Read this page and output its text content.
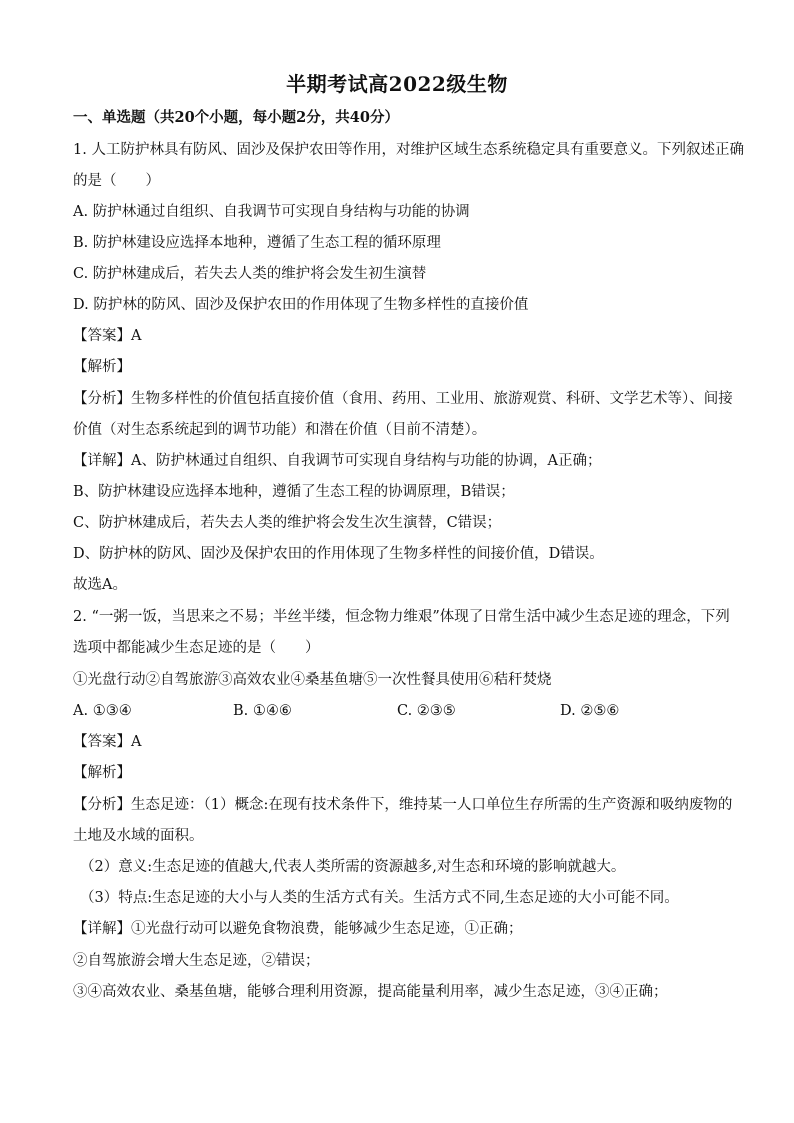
半期考试高2022级生物
一、单选题（共20个小题，每小题2分，共40分）
1. 人工防护林具有防风、固沙及保护农田等作用，对维护区域生态系统稳定具有重要意义。下列叙述正确
的是（　　）
A. 防护林通过自组织、自我调节可实现自身结构与功能的协调
B. 防护林建设应选择本地种，遵循了生态工程的循环原理
C. 防护林建成后，若失去人类的维护将会发生初生演替
D. 防护林的防风、固沙及保护农田的作用体现了生物多样性的直接价值
【答案】A
【解析】
【分析】生物多样性的价值包括直接价值（食用、药用、工业用、旅游观赏、科研、文学艺术等）、间接
价值（对生态系统起到的调节功能）和潜在价值（目前不清楚）。
【详解】A、防护林通过自组织、自我调节可实现自身结构与功能的协调，A正确；
B、防护林建设应选择本地种，遵循了生态工程的协调原理，B错误；
C、防护林建成后，若失去人类的维护将会发生次生演替，C错误；
D、防护林的防风、固沙及保护农田的作用体现了生物多样性的间接价值，D错误。
故选A。
2. “一粥一饭，当思来之不易；半丝半缕，恒念物力维艰”体现了日常生活中减少生态足迹的理念，下列
选项中都能减少生态足迹的是（　　）
①光盘行动②自驾旅游③高效农业④桑基鱼塘⑤一次性餐具使用⑥秸秆焚烧
A. ①③④	B. ①④⑥	C. ②③⑤	D. ②⑤⑥
【答案】A
【解析】
【分析】生态足迹：（1）概念:在现有技术条件下，维持某一人口单位生存所需的生产资源和吸纳废物的
土地及水域的面积。
（2）意义:生态足迹的值越大,代表人类所需的资源越多,对生态和环境的影响就越大。
（3）特点:生态足迹的大小与人类的生活方式有关。生活方式不同,生态足迹的大小可能不同。
【详解】①光盘行动可以避免食物浪费，能够减少生态足迹，①正确；
②自驾旅游会增大生态足迹，②错误；
③④高效农业、桑基鱼塘，能够合理利用资源，提高能量利用率，减少生态足迹，③④正确；
